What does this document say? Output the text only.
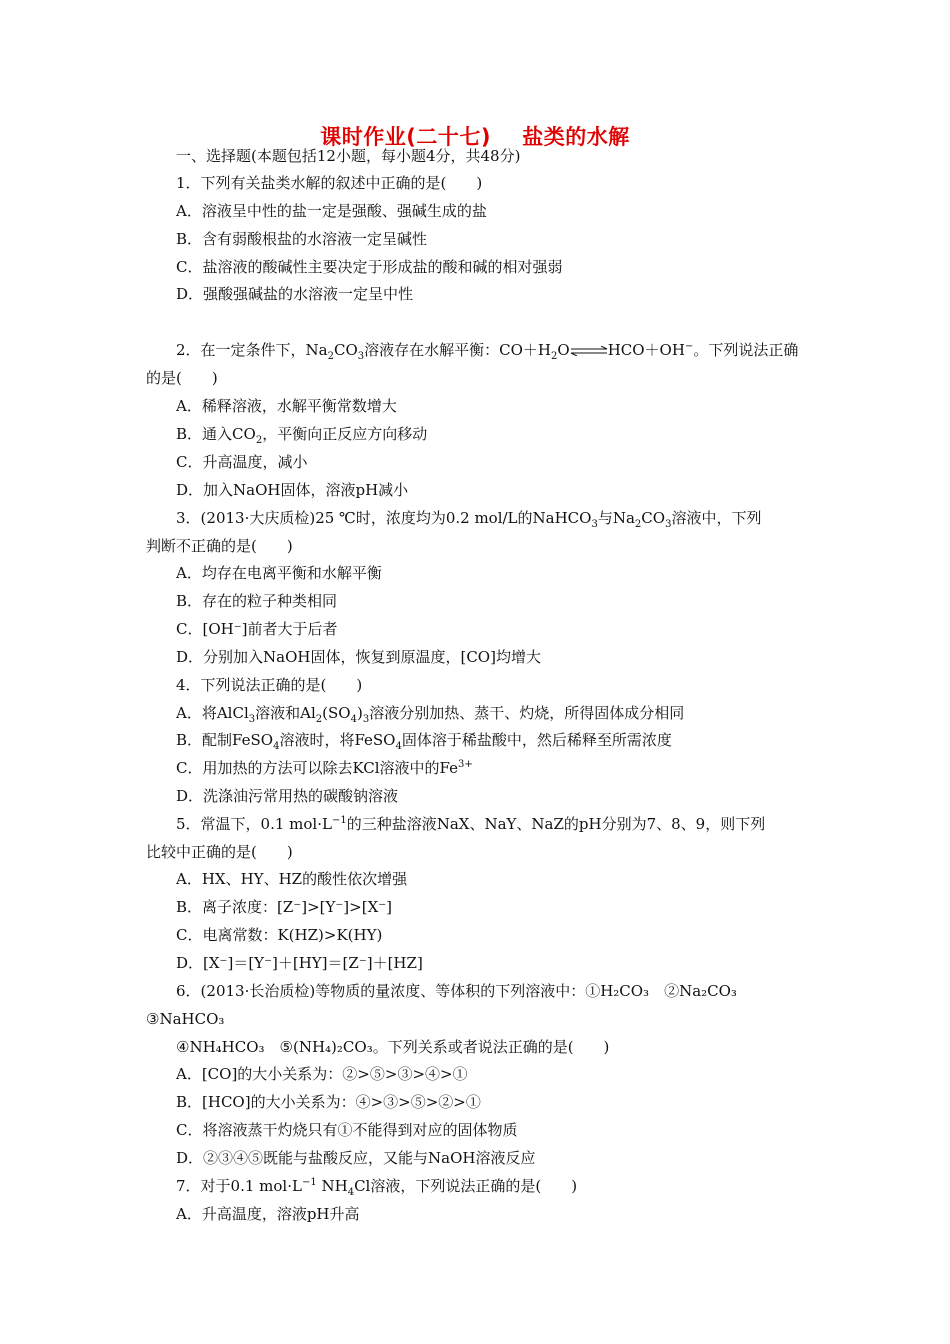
课时作业(二十七) 盐类的水解
一、选择题(本题包括12小题，每小题4分，共48分)
1．下列有关盐类水解的叙述中正确的是(　　)
A．溶液呈中性的盐一定是强酸、强碱生成的盐
B．含有弱酸根盐的水溶液一定呈碱性
C．盐溶液的酸碱性主要决定于形成盐的酸和碱的相对强弱
D．强酸强碱盐的水溶液一定呈中性
2．在一定条件下，$Na_2CO_3$溶液存在水解平衡：$CO+H_2O\rightleftharpoons HCO+OH^-$。下列说法正确
的是(　　)
A．稀释溶液，水解平衡常数增大
B．通入$CO_2$，平衡向正反应方向移动
C．升高温度，减小
D．加入NaOH固体，溶液pH减小
3．(2013·大庆质检)25 ℃时，浓度均为0.2 mol/L的NaHCO$_3$与$Na_2CO_3$溶液中，下列
判断不正确的是(　　)
A．均存在电离平衡和水解平衡
B．存在的粒子种类相同
C．[OH⁻]前者大于后者
D．分别加入NaOH固体，恢复到原温度，[CO]均增大
4．下列说法正确的是(　　)
A．将AlCl$_3$溶液和$Al_2(SO_4)_3$溶液分别加热、蒸干、灼烧，所得固体成分相同
B．配制FeSO$_4$溶液时，将FeSO$_4$固体溶于稀盐酸中，然后稀释至所需浓度
C．用加热的方法可以除去KCl溶液中的$Fe^{3+}$
D．洗涤油污常用热的碳酸钠溶液
5．常温下，0.1 $mol\cdot L^{-1}$的三种盐溶液NaX、NaY、NaZ的pH分别为7、8、9，则下列
比较中正确的是(　　)
A．HX、HY、HZ的酸性依次增强
B．离子浓度：[Z⁻]>[Y⁻]>[X⁻]
C．电离常数：K(HZ)>K(HY)
D．[X⁻]＝[Y⁻]＋[HY]＝[Z⁻]＋[HZ]
6．(2013·长治质检)等物质的量浓度、等体积的下列溶液中：①H₂CO₃　②Na₂CO₃
③NaHCO₃
④NH₄HCO₃　⑤(NH₄)₂CO₃。下列关系或者说法正确的是(　　)
A．[CO]的大小关系为：②>⑤>③>④>①
B．[HCO]的大小关系为：④>③>⑤>②>①
C．将溶液蒸干灼烧只有①不能得到对应的固体物质
D．②③④⑤既能与盐酸反应，又能与NaOH溶液反应
7．对于0.1 $mol\cdot L^{-1}$ $NH_4Cl$溶液，下列说法正确的是(　　)
A．升高温度，溶液pH升高
